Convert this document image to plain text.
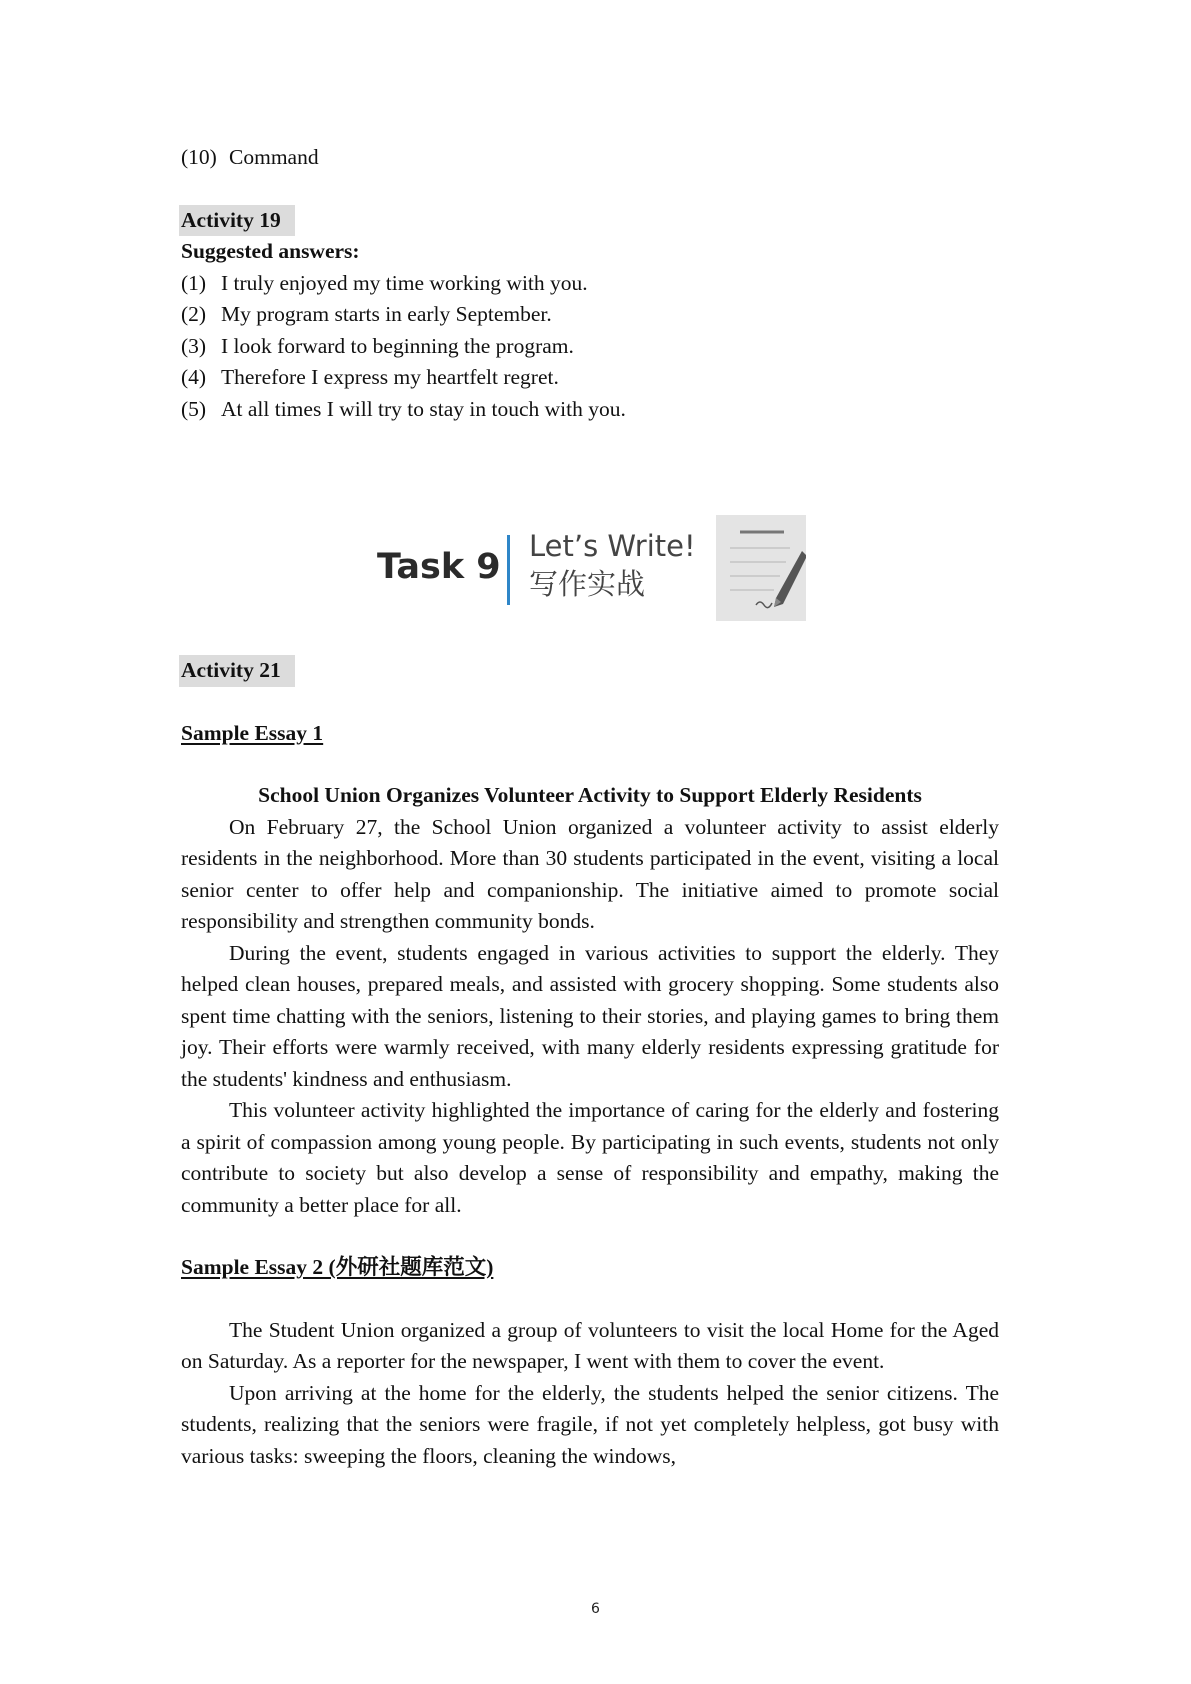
(10) Command
Activity 19
Suggested answers:
(1) I truly enjoyed my time working with you.
(2) My program starts in early September.
(3) I look forward to beginning the program.
(4) Therefore I express my heartfelt regret.
(5) At all times I will try to stay in touch with you.
Task 9
Let’s Write!
写作实战
Activity 21
Sample Essay 1
School Union Organizes Volunteer Activity to Support Elderly Residents

On February 27, the School Union organized a volunteer activity to assist elderly residents in the neighborhood. More than 30 students participated in the event, visiting a local senior center to offer help and companionship. The initiative aimed to promote social responsibility and strengthen community bonds.

During the event, students engaged in various activities to support the elderly. They helped clean houses, prepared meals, and assisted with grocery shopping. Some students also spent time chatting with the seniors, listening to their stories, and playing games to bring them joy. Their efforts were warmly received, with many elderly residents expressing gratitude for the students' kindness and enthusiasm.

This volunteer activity highlighted the importance of caring for the elderly and fostering a spirit of compassion among young people. By participating in such events, students not only contribute to society but also develop a sense of responsibility and empathy, making the community a better place for all.

Sample Essay 2 (外研社题库范文)

The Student Union organized a group of volunteers to visit the local Home for the Aged on Saturday. As a reporter for the newspaper, I went with them to cover the event.

Upon arriving at the home for the elderly, the students helped the senior citizens. The students, realizing that the seniors were fragile, if not yet completely helpless, got busy with various tasks: sweeping the floors, cleaning the windows,

6
